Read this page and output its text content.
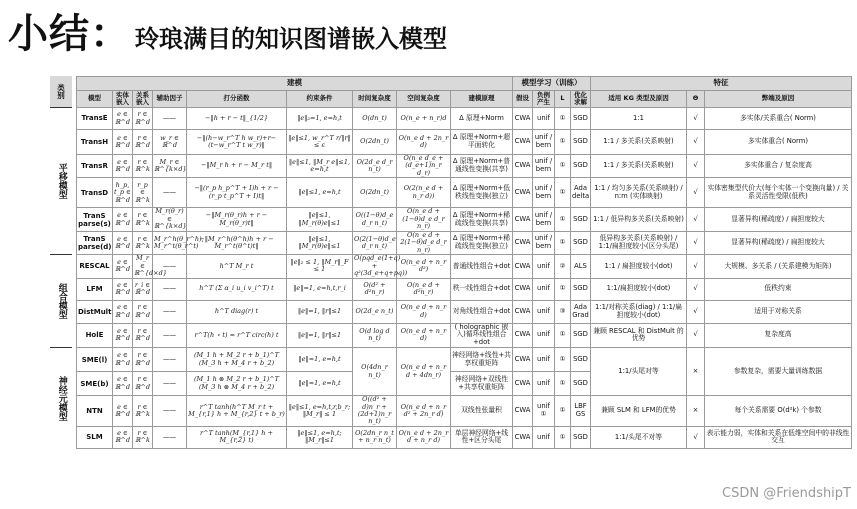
小结： 玲琅满目的知识图谱嵌入模型
建模									模型学习（训练）				特征		
模型	实体嵌入	关系嵌入	辅助因子	打分函数	约束条件	时间复杂度	空间复杂度	建模原理	假设	负例产生	L	优化求解	适用 KG 类型及原因	Θ	弊端及原因
TransE	e ∈ ℝ^d	r ∈ ℝ^d	——	−‖h + r − t‖_{1/2}	‖e‖₂=1, e=h,t	O(dn_t)	O(n_e + n_r)d	Δ 原理+Norm	CWA	unif	①	SGD	1:1	√	多实体/关系重合( Norm)
TransH	e ∈ ℝ^d	r ∈ ℝ^d	w_r ∈ ℝ^d	−‖(h−w_r^T h w_r)+r−(t−w_r^T t w_r)‖	‖e‖≤1, w_r^T r/‖r‖ ≤ ε	O(2dn_t)	O(n_e d + 2n_r d)	Δ 原理+Norm+超平面转化	CWA	unif / bern	①	SGD	1:1 / 多关系(关系映射)	√	多实体重合( Norm)
TransR	e ∈ ℝ^d	r ∈ ℝ^k	M_r ∈ ℝ^{k×d}	−‖M_r h + r − M_r t‖	‖e‖≤1, ‖M_r e‖≤1, e=h,t	O(2d_e d_r n_t)	O(n_e d_e + (d_e+1)n_r d_r)	Δ 原理+Norm+普通线性变换(共享)	CWA	unif / bern	①	SGD	1:1 / 多关系(关系映射)	√	多实体重合 / 复杂度高
TransD	h_p, t_p ∈ ℝ^d	r_p ∈ ℝ^k	——	−‖(r_p h_p^T + I)h + r − (r_p t_p^T + I)t‖	‖e‖≤1, e=h,t	O(2dn_t)	O(2(n_e d + n_r d))	Δ 原理+Norm+低秩线性变换(独立)	CWA	unif / bern	①	Ada delta	1:1 / 均匀多关系(关系映射) / n:m (实体映射)	√	实体密集型代价大(每个实体一个变换向量) / 关系灵活性受限(低秩)
TranS parse(s)	e ∈ ℝ^d	r ∈ ℝ^k	M_r(θ_r) ∈ ℝ^{k×d}	−‖M_r(θ_r)h + r − M_r(θ_r)t‖	‖e‖≤1, ‖M_r(θ)e‖≤1	O((1−θ)d_e d_r n_t)	O(n_e d + (1−θ)d_e d_r n_r)	Δ 原理+Norm+稀疏线性变换(共享)	CWA	unif / bern	①	SGD	1:1 / 低异构多关系(关系映射)	√	显著异构(稀疏度) / 扁担度较大
TranS parse(d)	e ∈ ℝ^d	r ∈ ℝ^k	M_r^h(θ_r^h), M_r^t(θ_r^t)	−‖M_r^h(θ^h)h + r − M_r^t(θ^t)t‖	‖e‖≤1, ‖M_r(θ)e‖≤1	O(2(1−θ)d_e d_r n_t)	O(n_e d + 2(1−θ)d_e d_r n_r)	Δ 原理+Norm+稀疏线性变换(独立)	CWA	unif / bern	①	SGD	低异构多关系(关系映射) / 1:1/扁担度较小(区分头尾)	√	显著异构(稀疏度) / 扁担度较大
RESCAL	e ∈ ℝ^d	M_r ∈ ℝ^{d×d}	——	h^T M_r t	‖e‖₂ ≤ 1, ‖M_r‖_F ≤ 1	O(pqd_e(1+q) + q²(3d_e+q+pq))	O(n_e d + n_r d²)	普通线性组合+dot	CWA	unif	②	ALS	1:1 / 扁担度较小(dot)	√	大规模、多关系 / (关系建模为矩阵)
LFM	e ∈ ℝ^d	r_i ∈ ℝ^d	——	h^T (Σ α_i u_i v_i^T) t	‖e‖=1, e=h,t,r_i	O(d² + d²n_r)	O(n_e d + d²n_r)	秩一线性组合+dot	CWA	unif	①	SGD	1:1/扁担度较小(dot)	√	低秩约束
DistMult	e ∈ ℝ^d	r ∈ ℝ^d	——	h^T diag(r) t	‖e‖=1, ‖r‖≤1	O(2d_e n_t)	O(n_e d + n_r d)	对角线性组合+dot	CWA	unif	③	Ada Grad	1:1/对称关系(diag) / 1:1/扁担度较小(dot)	√	适用于对称关系
HolE	e ∈ ℝ^d	r ∈ ℝ^d	——	r^T(h ⋆ t) = r^T circ(h) t	‖e‖=1, ‖r‖≤1	O(d log d n_t)	O(n_e d + n_r d)	( holographic 嵌入)循环线性组合+dot	CWA	unif	①	SGD	兼顾 RESCAL 和 DistMult 的优势	√	复杂度高
SME(l)	e ∈ ℝ^d	r ∈ ℝ^d	——	(M_1 h + M_2 r + b_1)^T (M_3 h + M_4 r + b_2)	‖e‖=1, e=h,t	O(4dn_r n_t)	O(n_e d + n_r d + 4dn_r)	神经网络+线性+共享权重矩阵	CWA	unif	①	SGD	1:1/头尾对等	×	参数复杂，需要大量训练数据
SME(b)	e ∈ ℝ^d	r ∈ ℝ^d	——	(M_1 h ⊗ M_2 r + b_1)^T (M_3 h ⊗ M_4 r + b_2)	‖e‖=1, e=h,t			神经网络+双线性+共享权重矩阵	CWA	unif	①	SGD			
NTN	e ∈ ℝ^d	r ∈ ℝ^k	——	r^T tanh(h^T M_r t + M_{r,1} h + M_{r,2} t + b_r)	‖e‖≤1, e=h,t,r,b_r; ‖M_r‖ ≤ 1	O((d² + d)n_r + (2d+1)n_r n_t)	O(n_e d + n_r d² + 2n_r d)	双线性张量积	CWA	unif ①	①	LBF GS	兼顾 SLM 和 LFM的优势	×	每个关系需要 O(d²k) 个参数
SLM	e ∈ ℝ^d	r ∈ ℝ^k	——	r^T tanh(M_{r,1} h + M_{r,2} t)	‖e‖≤1, e=h,t; ‖M_r‖≤1	O(2dn_r n_t + n_r n_t)	O(n_e d + 2n_r d + n_r d)	单层神经网络+线性+区分头尾	CWA	unif	①	SGD	1:1/头尾不对等	√	表示能力弱，实体和关系在低维空间中的非线性交互
CSDN @FriendshipT
平移模型
组合模型
神经元模型
类别
